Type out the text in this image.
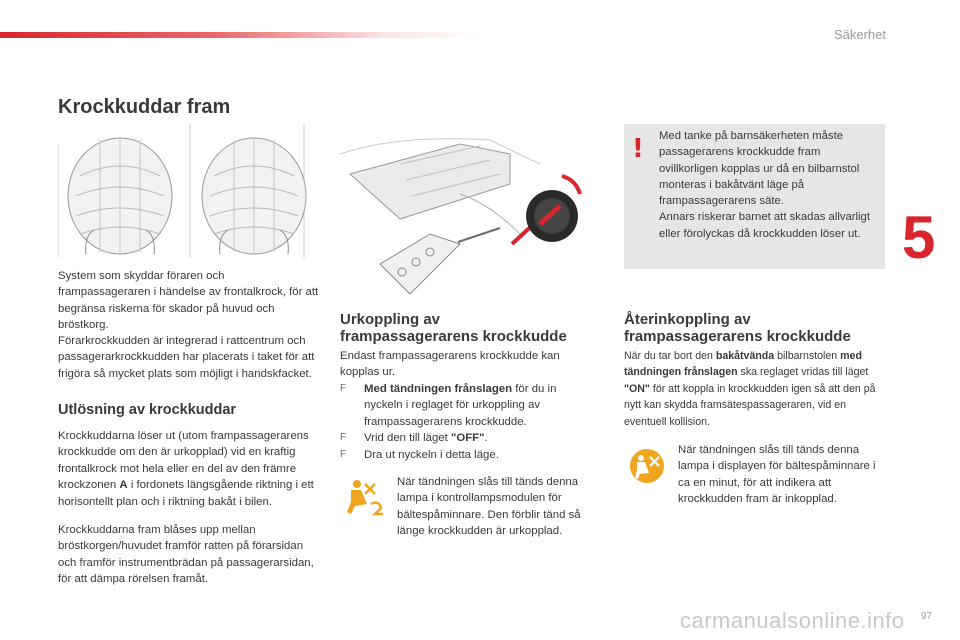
Säkerhet
5
Krockkuddar fram

System som skyddar föraren och frampassageraren i händelse av frontalkrock, för att begränsa riskerna för skador på huvud och bröstkorg.

Förarkrockkudden är integrerad i rattcentrum och passagerarkrockkudden har placerats i taket för att frigöra så mycket plats som möjligt i handskfacket.

Utlösning av krockkuddar

Krockkuddarna löser ut (utom frampassagerarens krockkudde om den är urkopplad) vid en kraftig frontalkrock mot hela eller en del av den främre krockzonen A i fordonets längsgående riktning i ett horisontellt plan och i riktning bakåt i bilen.

Krockkuddarna fram blåses upp mellan bröstkorgen/huvudet framför ratten på förarsidan och framför instrumentbrädan på passagerarsidan, för att dämpa rörelsen framåt.

Urkoppling av
frampassagerarens krockkudde

Endast frampassagerarens krockkudde kan kopplas ur.

F Med tändningen frånslagen för du in nyckeln i reglaget för urkoppling av frampassagerarens krockkudde.
F Vrid den till läget "OFF".
F Dra ut nyckeln i detta läge.

När tändningen slås till tänds denna lampa i kontrollampsmodulen för bältespåminnare. Den förblir tänd så länge krockkudden är urkopplad.

! Med tanke på barnsäkerheten måste passagerarens krockkudde fram ovillkorligen kopplas ur då en bilbarnstol monteras i bakåtvänt läge på frampassagerarens säte.
Annars riskerar barnet att skadas allvarligt eller förolyckas då krockkudden löser ut.
Återinkoppling av
frampassagerarens krockkudde

När du tar bort den bakåtvända bilbarnstolen med tändningen frånslagen ska reglaget vridas till läget "ON" för att koppla in krockkudden igen så att den på nytt kan skydda framsätespassageraren, vid en eventuell kollision.

När tändningen slås till tänds denna lampa i displayen för bältespåminnare i ca en minut, för att indikera att krockkudden fram är inkopplad.

97
carmanualsonline.info
